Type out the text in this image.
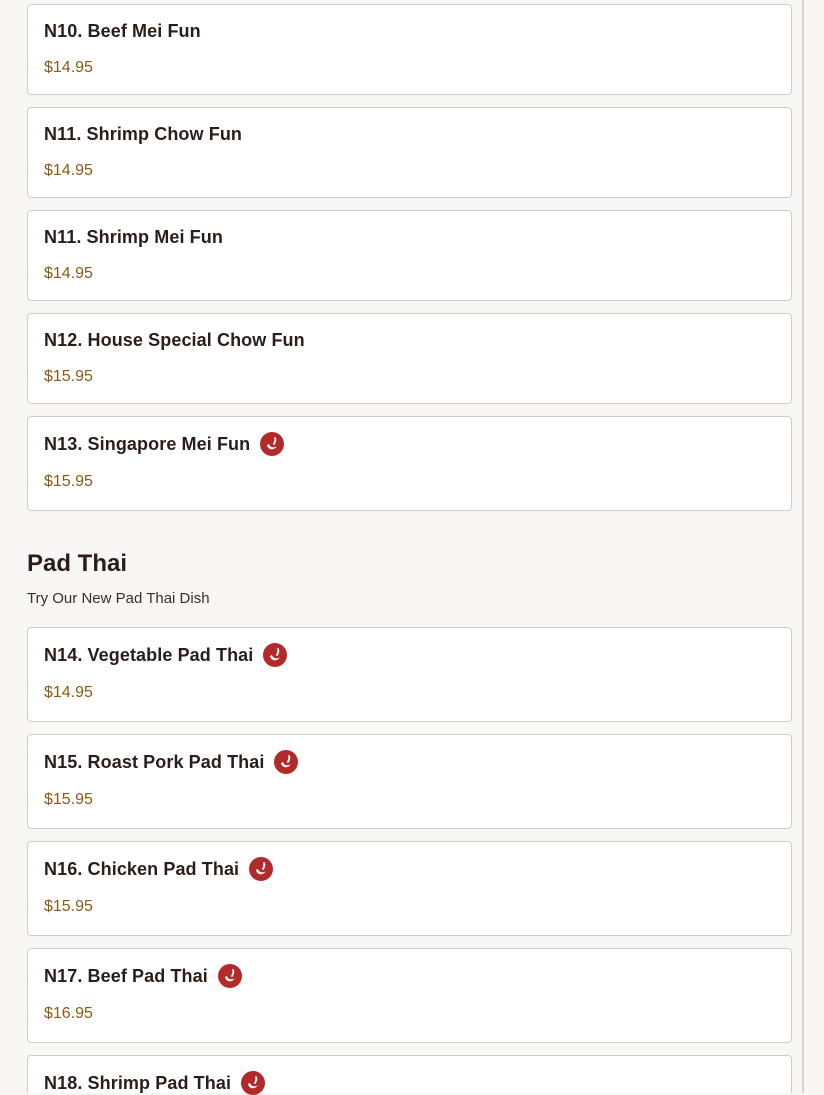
N10. Beef Mei Fun
$14.95
N11. Shrimp Chow Fun
$14.95
N11. Shrimp Mei Fun
$14.95
N12. House Special Chow Fun
$15.95
N13. Singapore Mei Fun
$15.95
Pad Thai
Try Our New Pad Thai Dish
N14. Vegetable Pad Thai
$14.95
N15. Roast Pork Pad Thai
$15.95
N16. Chicken Pad Thai
$15.95
N17. Beef Pad Thai
$16.95
N18. Shrimp Pad Thai
